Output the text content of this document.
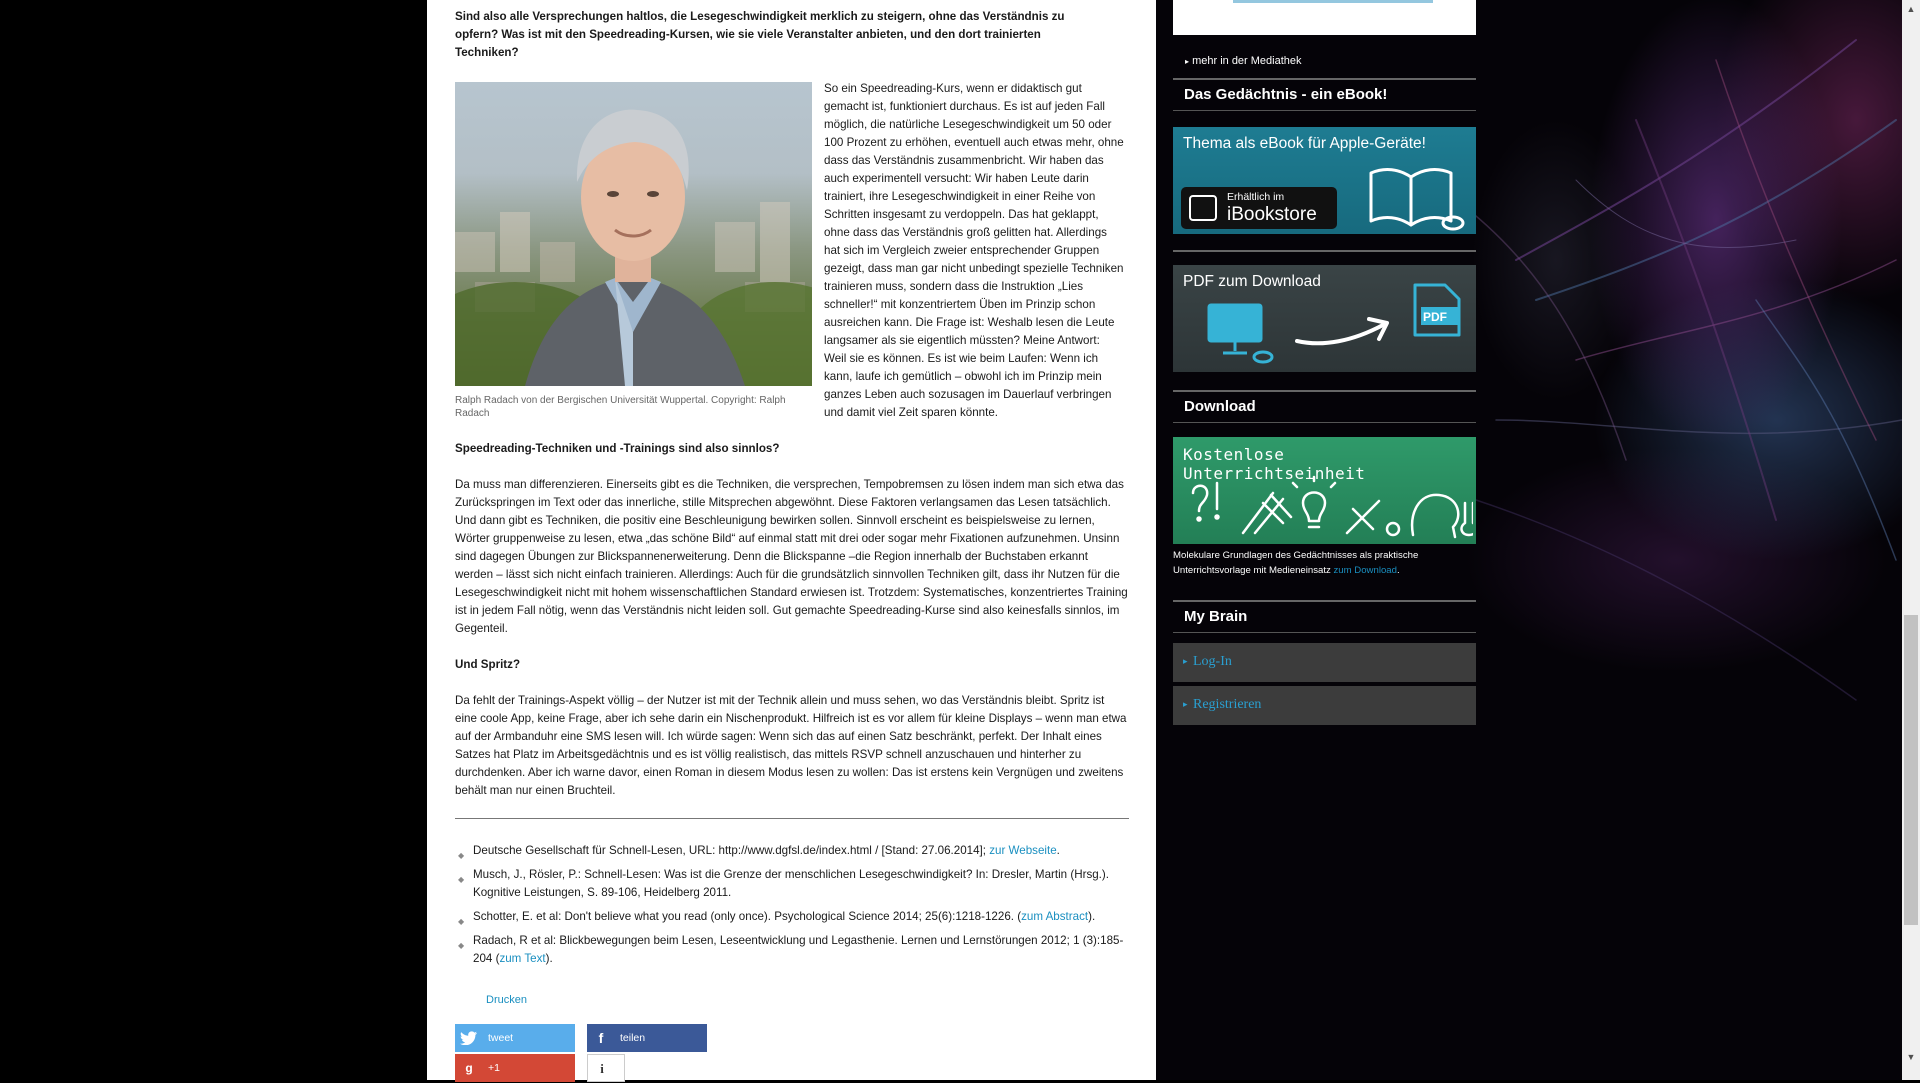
Sind also alle Versprechungen haltlos, die Lesegeschwindigkeit merklich zu steigern, ohne das Verständnis zu opfern? Was ist mit den Speedreading-Kursen, wie sie viele Veranstalter anbieten, und den dort trainierten Techniken?

Ralph Radach von der Bergischen Universität Wuppertal. Copyright: Ralph Radach

So ein Speedreading-Kurs, wenn er didaktisch gut gemacht ist, funktioniert durchaus. Es ist auf jeden Fall möglich, die natürliche Lesegeschwindigkeit um 50 oder 100 Prozent zu erhöhen, eventuell auch etwas mehr, ohne dass das Verständnis zusammenbricht. Wir haben das auch experimentell versucht: Wir haben Leute darin trainiert, ihre Lesegeschwindigkeit in einer Reihe von Schritten insgesamt zu verdoppeln. Das hat geklappt, ohne dass das Verständnis groß gelitten hat. Allerdings hat sich im Vergleich zweier entsprechender Gruppen gezeigt, dass man gar nicht unbedingt spezielle Techniken trainieren muss, sondern dass die Instruktion „Lies schneller!“ mit konzentriertem Üben im Prinzip schon ausreichen kann. Die Frage ist: Weshalb lesen die Leute langsamer als sie eigentlich müssten? Meine Antwort: Weil sie es können. Es ist wie beim Laufen: Wenn ich kann, laufe ich gemütlich – obwohl ich im Prinzip mein ganzes Leben auch sozusagen im Dauerlauf verbringen und damit viel Zeit sparen könnte.

Speedreading-Techniken und -Trainings sind also sinnlos?

Da muss man differenzieren. Einerseits gibt es die Techniken, die versprechen, Tempobremsen zu lösen indem man sich etwa das Zurückspringen im Text oder das innerliche, stille Mitsprechen abgewöhnt. Diese Faktoren verlangsamen das Lesen tatsächlich. Und dann gibt es Techniken, die positiv eine Beschleunigung bewirken sollen. Sinnvoll erscheint es beispielsweise zu lernen, Wörter gruppenweise zu lesen, etwa „das schöne Bild“ auf einmal statt mit drei oder sogar mehr Fixationen aufzunehmen. Unsinn sind dagegen Übungen zur Blickspannenerweiterung. Denn die Blickspanne –die Region innerhalb der Buchstaben erkannt werden – lässt sich nicht einfach trainieren. Allerdings: Auch für die grundsätzlich sinnvollen Techniken gilt, dass ihr Nutzen für die Lesegeschwindigkeit nicht mit hohem wissenschaftlichen Standard erwiesen ist. Trotzdem: Systematisches, konzentriertes Training ist in jedem Fall nötig, wenn das Verständnis nicht leiden soll. Gut gemachte Speedreading-Kurse sind also keinesfalls sinnlos, im Gegenteil.

Und Spritz?

Da fehlt der Trainings-Aspekt völlig – der Nutzer ist mit der Technik allein und muss sehen, wo das Verständnis bleibt. Spritz ist eine coole App, keine Frage, aber ich sehe darin ein Nischenprodukt. Hilfreich ist es vor allem für kleine Displays – wenn man etwa auf der Armbanduhr eine SMS lesen will. Ich würde sagen: Wenn sich das auf einen Satz beschränkt, perfekt. Der Inhalt eines Satzes hat Platz im Arbeitsgedächtnis und es ist völlig realistisch, das mittels RSVP schnell anzuschauen und hinterher zu durchdenken. Aber ich warne davor, einen Roman in diesem Modus lesen zu wollen: Das ist erstens kein Vergnügen und zweitens behält man nur einen Bruchteil.

◆ Deutsche Gesellschaft für Schnell-Lesen, URL: http://www.dgfsl.de/index.html / [Stand: 27.06.2014]; zur Webseite.
◆ Musch, J., Rösler, P.: Schnell-Lesen: Was ist die Grenze der menschlichen Lesegeschwindigkeit? In: Dresler, Martin (Hrsg.). Kognitive Leistungen, S. 89-106, Heidelberg 2011.
◆ Schotter, E. et al: Don't believe what you read (only once). Psychological Science 2014; 25(6):1218-1226. (zum Abstract).
◆ Radach, R et al: Blickbewegungen beim Lesen, Leseentwicklung und Legasthenie. Lernen und Lernstörungen 2012; 1 (3):185-204 (zum Text).
Drucken
tweet	f	teilen
g	+1	i
▸ mehr in der Mediathek
Das Gedächtnis - ein eBook!
Thema als eBook für Apple-Geräte!
Erhältlich im
iBookstore
PDF zum Download
PDF
Download
Kostenlose Unterrichtseinheit

Molekulare Grundlagen des Gedächtnisses als praktische Unterrichtsvorlage mit Medieneinsatz zum Download.

My Brain
▸ Log-In
▸ Registrieren
▲
▼
